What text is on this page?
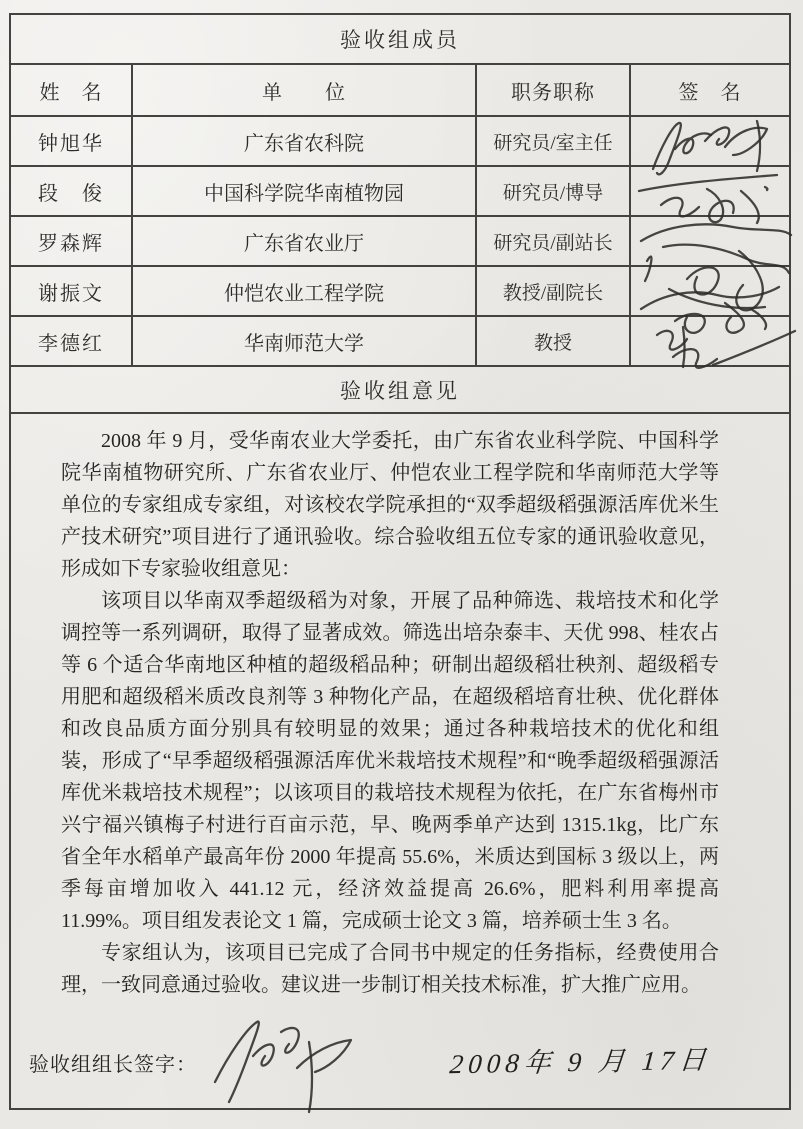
验收组成员
姓　名	单　　位	职务职称	签　名
钟旭华	广东省农科院	研究员/室主任
段　俊	中国科学院华南植物园	研究员/博导
罗森辉	广东省农业厅	研究员/副站长
谢振文	仲恺农业工程学院	教授/副院长
李德红	华南师范大学	教授
验收组意见

2008 年 9 月，受华南农业大学委托，由广东省农业科学院、中国科学院华南植物研究所、广东省农业厅、仲恺农业工程学院和华南师范大学等单位的专家组成专家组，对该校农学院承担的“双季超级稻强源活库优米生产技术研究”项目进行了通讯验收。综合验收组五位专家的通讯验收意见，形成如下专家验收组意见：

该项目以华南双季超级稻为对象，开展了品种筛选、栽培技术和化学调控等一系列调研，取得了显著成效。筛选出培杂泰丰、天优 998、桂农占等 6 个适合华南地区种植的超级稻品种；研制出超级稻壮秧剂、超级稻专用肥和超级稻米质改良剂等 3 种物化产品，在超级稻培育壮秧、优化群体和改良品质方面分别具有较明显的效果；通过各种栽培技术的优化和组装，形成了“早季超级稻强源活库优米栽培技术规程”和“晚季超级稻强源活库优米栽培技术规程”；以该项目的栽培技术规程为依托，在广东省梅州市兴宁福兴镇梅子村进行百亩示范，早、晚两季单产达到 1315.1kg，比广东省全年水稻单产最高年份 2000 年提高 55.6%，米质达到国标 3 级以上，两季每亩增加收入 441.12 元，经济效益提高 26.6%，肥料利用率提高 11.99%。项目组发表论文 1 篇，完成硕士论文 3 篇，培养硕士生 3 名。

专家组认为，该项目已完成了合同书中规定的任务指标，经费使用合理，一致同意通过验收。建议进一步制订相关技术标准，扩大推广应用。

验收组组长签字：	2008年 9 月 17日
